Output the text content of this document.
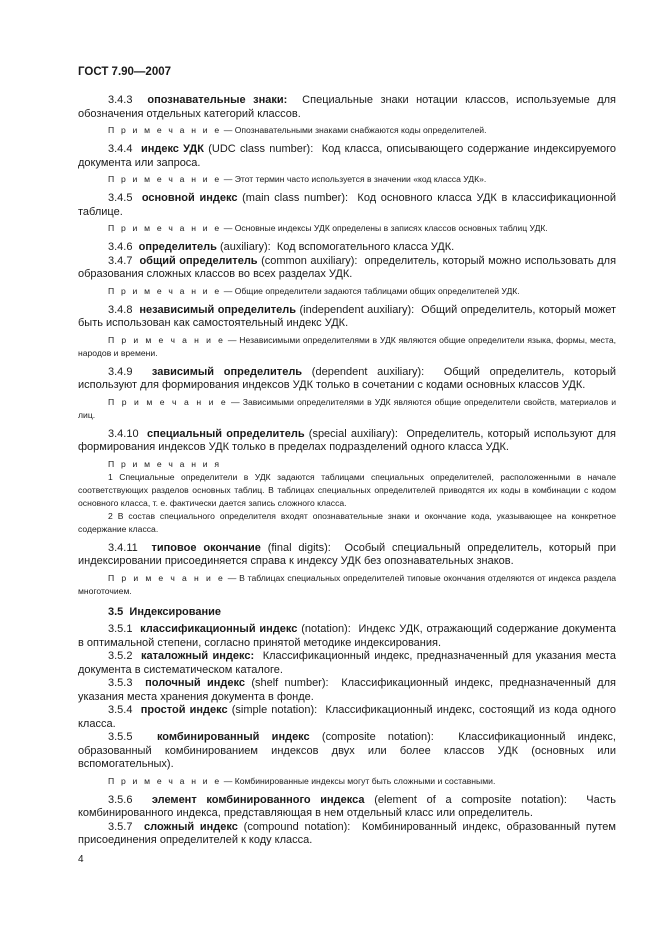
ГОСТ 7.90—2007

3.4.3 опознавательные знаки: Специальные знаки нотации классов, используемые для обозначения отдельных категорий классов.

П р и м е ч а н и е — Опознавательными знаками снабжаются коды определителей.

3.4.4 индекс УДК (UDC class number): Код класса, описывающего содержание индексируемого документа или запроса.

П р и м е ч а н и е — Этот термин часто используется в значении «код класса УДК».

3.4.5 основной индекс (main class number): Код основного класса УДК в классификационной таблице.

П р и м е ч а н и е — Основные индексы УДК определены в записях классов основных таблиц УДК.

3.4.6 определитель (auxiliary): Код вспомогательного класса УДК.

3.4.7 общий определитель (common auxiliary): определитель, который можно использовать для образования сложных классов во всех разделах УДК.

П р и м е ч а н и е — Общие определители задаются таблицами общих определителей УДК.

3.4.8 независимый определитель (independent auxiliary): Общий определитель, который может быть использован как самостоятельный индекс УДК.

П р и м е ч а н и е — Независимыми определителями в УДК являются общие определители языка, формы, места, народов и времени.

3.4.9 зависимый определитель (dependent auxiliary): Общий определитель, который используют для формирования индексов УДК только в сочетании с кодами основных классов УДК.

П р и м е ч а н и е — Зависимыми определителями в УДК являются общие определители свойств, материалов и лиц.

3.4.10 специальный определитель (special auxiliary): Определитель, который используют для формирования индексов УДК только в пределах подразделений одного класса УДК.

П р и м е ч а н и я

1 Специальные определители в УДК задаются таблицами специальных определителей, расположенными в начале соответствующих разделов основных таблиц. В таблицах специальных определителей приводятся их коды в комбинации с кодом основного класса, т. е. фактически дается запись сложного класса.

2 В состав специального определителя входят опознавательные знаки и окончание кода, указывающее на конкретное содержание класса.

3.4.11 типовое окончание (final digits): Особый специальный определитель, который при индексировании присоединяется справа к индексу УДК без опознавательных знаков.

П р и м е ч а н и е — В таблицах специальных определителей типовые окончания отделяются от индекса раздела многоточием.

3.5 Индексирование

3.5.1 классификационный индекс (notation): Индекс УДК, отражающий содержание документа в оптимальной степени, согласно принятой методике индексирования.

3.5.2 каталожный индекс: Классификационный индекс, предназначенный для указания места документа в систематическом каталоге.

3.5.3 полочный индекс (shelf number): Классификационный индекс, предназначенный для указания места хранения документа в фонде.

3.5.4 простой индекс (simple notation): Классификационный индекс, состоящий из кода одного класса.

3.5.5 комбинированный индекс (composite notation): Классификационный индекс, образованный комбинированием индексов двух или более классов УДК (основных или вспомогательных).

П р и м е ч а н и е — Комбинированные индексы могут быть сложными и составными.

3.5.6 элемент комбинированного индекса (element of a composite notation): Часть комбинированного индекса, представляющая в нем отдельный класс или определитель.

3.5.7 сложный индекс (compound notation): Комбинированный индекс, образованный путем присоединения определителей к коду класса.

4
